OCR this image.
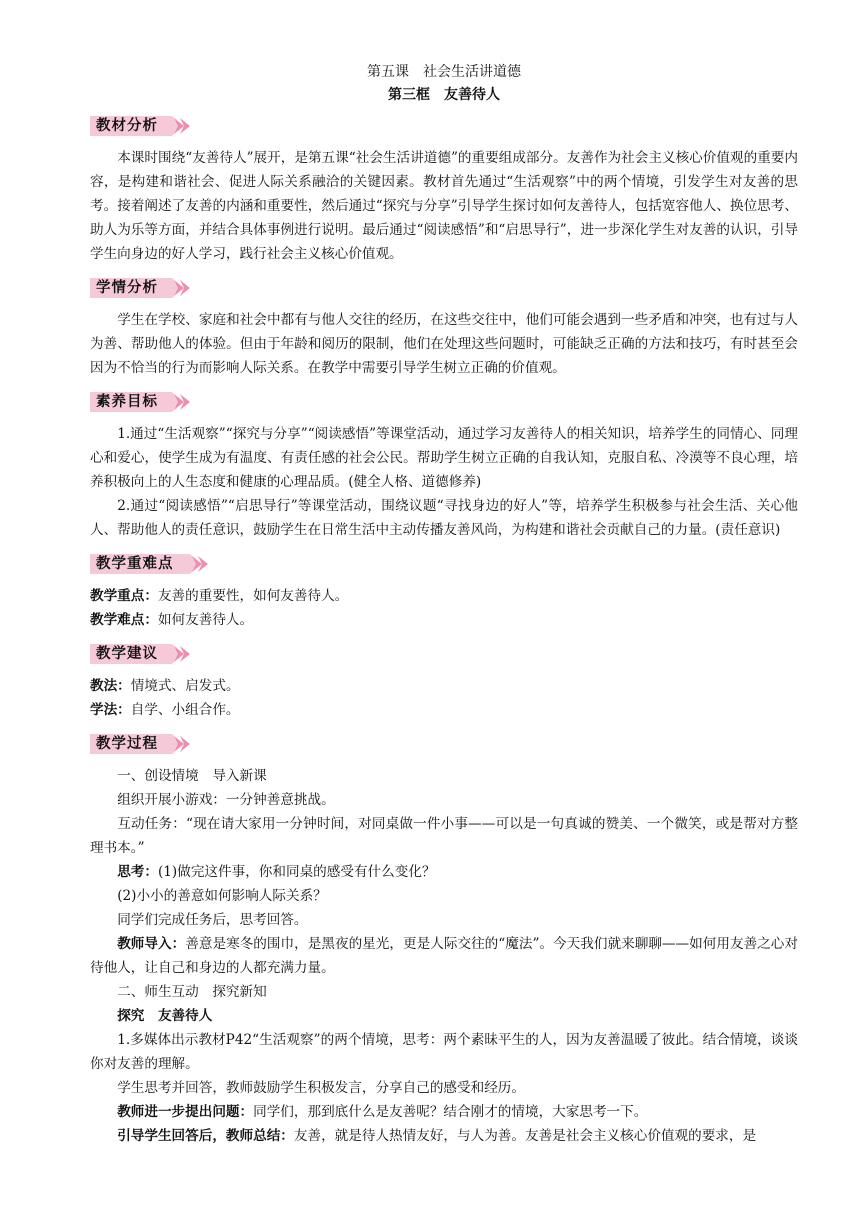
第五课　社会生活讲道德
第三框　友善待人
教材分析

本课时围绕“友善待人”展开，是第五课“社会生活讲道德”的重要组成部分。友善作为社会主义核心价值观的重要内容，是构建和谐社会、促进人际关系融洽的关键因素。教材首先通过“生活观察”中的两个情境，引发学生对友善的思考。接着阐述了友善的内涵和重要性，然后通过“探究与分享”引导学生探讨如何友善待人，包括宽容他人、换位思考、助人为乐等方面，并结合具体事例进行说明。最后通过“阅读感悟”和“启思导行”，进一步深化学生对友善的认识，引导学生向身边的好人学习，践行社会主义核心价值观。

学情分析

学生在学校、家庭和社会中都有与他人交往的经历，在这些交往中，他们可能会遇到一些矛盾和冲突，也有过与人为善、帮助他人的体验。但由于年龄和阅历的限制，他们在处理这些问题时，可能缺乏正确的方法和技巧，有时甚至会因为不恰当的行为而影响人际关系。在教学中需要引导学生树立正确的价值观。

素养目标

1.通过“生活观察”“探究与分享”“阅读感悟”等课堂活动，通过学习友善待人的相关知识，培养学生的同情心、同理心和爱心，使学生成为有温度、有责任感的社会公民。帮助学生树立正确的自我认知，克服自私、冷漠等不良心理，培养积极向上的人生态度和健康的心理品质。(健全人格、道德修养)

2.通过“阅读感悟”“启思导行”等课堂活动，围绕议题“寻找身边的好人”等，培养学生积极参与社会生活、关心他人、帮助他人的责任意识，鼓励学生在日常生活中主动传播友善风尚，为构建和谐社会贡献自己的力量。(责任意识)

教学重难点

教学重点：友善的重要性，如何友善待人。

教学难点：如何友善待人。

教学建议

教法：情境式、启发式。

学法：自学、小组合作。

教学过程

一、创设情境　导入新课

组织开展小游戏：一分钟善意挑战。

互动任务：“现在请大家用一分钟时间，对同桌做一件小事——可以是一句真诚的赞美、一个微笑，或是帮对方整理书本。”

思考：(1)做完这件事，你和同桌的感受有什么变化？

(2)小小的善意如何影响人际关系？

同学们完成任务后，思考回答。

教师导入：善意是寒冬的围巾，是黑夜的星光，更是人际交往的“魔法”。今天我们就来聊聊——如何用友善之心对待他人，让自己和身边的人都充满力量。

二、师生互动　探究新知

探究　友善待人

1.多媒体出示教材P42“生活观察”的两个情境，思考：两个素昧平生的人，因为友善温暖了彼此。结合情境，谈谈你对友善的理解。

学生思考并回答，教师鼓励学生积极发言，分享自己的感受和经历。

教师进一步提出问题：同学们，那到底什么是友善呢？结合刚才的情境，大家思考一下。

引导学生回答后，教师总结：友善，就是待人热情友好，与人为善。友善是社会主义核心价值观的要求，是
